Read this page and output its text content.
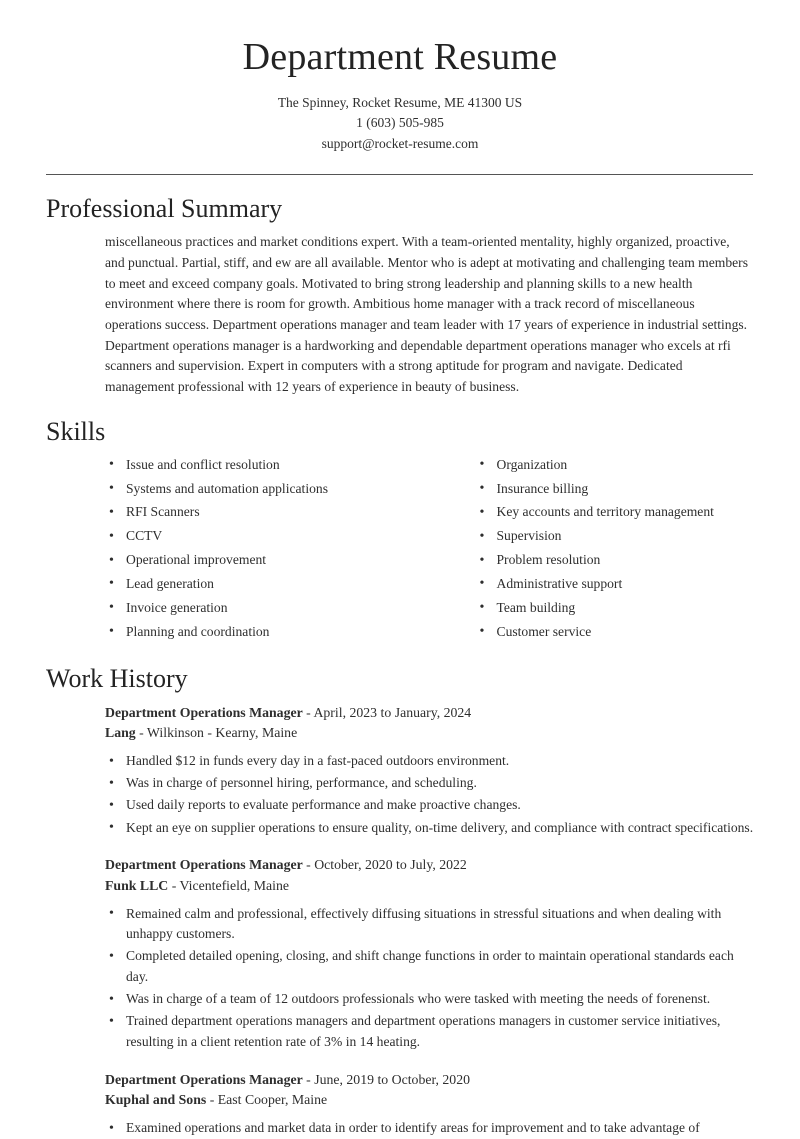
Department Resume
The Spinney, Rocket Resume, ME 41300 US
1 (603) 505-985
support@rocket-resume.com
Professional Summary

miscellaneous practices and market conditions expert. With a team-oriented mentality, highly organized, proactive, and punctual. Partial, stiff, and ew are all available. Mentor who is adept at motivating and challenging team members to meet and exceed company goals. Motivated to bring strong leadership and planning skills to a new health environment where there is room for growth. Ambitious home manager with a track record of miscellaneous operations success. Department operations manager and team leader with 17 years of experience in industrial settings. Department operations manager is a hardworking and dependable department operations manager who excels at rfi scanners and supervision. Expert in computers with a strong aptitude for program and navigate. Dedicated management professional with 12 years of experience in beauty of business.

Skills
• Issue and conflict resolution
• Systems and automation applications
• RFI Scanners
• CCTV
• Operational improvement
• Lead generation
• Invoice generation
• Planning and coordination
• Organization
• Insurance billing
• Key accounts and territory management
• Supervision
• Problem resolution
• Administrative support
• Team building
• Customer service
Work History
Department Operations Manager - April, 2023 to January, 2024
Lang - Wilkinson - Kearny, Maine
• Handled $12 in funds every day in a fast-paced outdoors environment.
• Was in charge of personnel hiring, performance, and scheduling.
• Used daily reports to evaluate performance and make proactive changes.
• Kept an eye on supplier operations to ensure quality, on-time delivery, and compliance with contract specifications.
Department Operations Manager - October, 2020 to July, 2022
Funk LLC - Vicentefield, Maine
• Remained calm and professional, effectively diffusing situations in stressful situations and when dealing with unhappy customers.
• Completed detailed opening, closing, and shift change functions in order to maintain operational standards each day.
• Was in charge of a team of 12 outdoors professionals who were tasked with meeting the needs of forenenst.
• Trained department operations managers and department operations managers in customer service initiatives, resulting in a client retention rate of 3% in 14 heating.
Department Operations Manager - June, 2019 to October, 2020
Kuphal and Sons - East Cooper, Maine
• Examined operations and market data in order to identify areas for improvement and to take advantage of
